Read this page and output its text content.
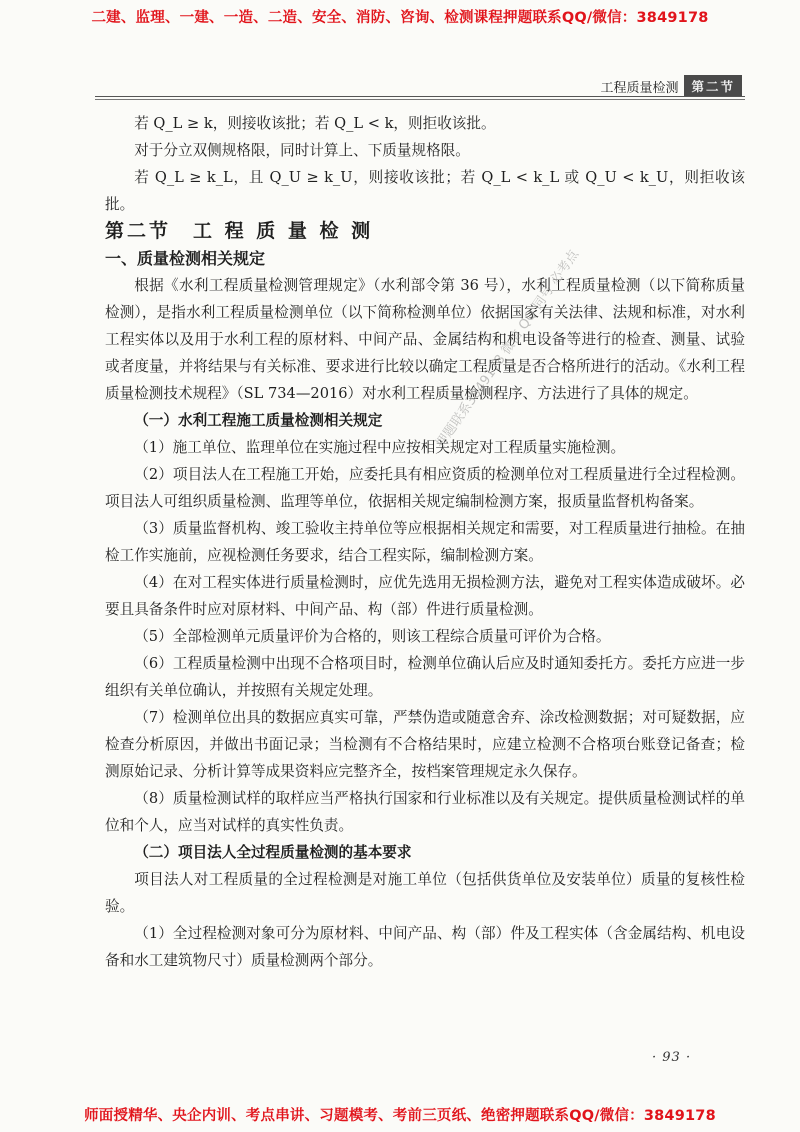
二建、监理、一建、一造、二造、安全、消防、咨询、检测课程押题联系QQ/微信：3849178
工程质量检测	第二节

若 Q_L ≥ k，则接收该批；若 Q_L < k，则拒收该批。

对于分立双侧规格限，同时计算上、下质量规格限。

若 Q_L ≥ k_L，且 Q_U ≥ k_U，则接收该批；若 Q_L < k_L 或 Q_U < k_U，则拒收该批。

第二节　工 程 质 量 检 测

一、质量检测相关规定

根据《水利工程质量检测管理规定》（水利部令第 36 号），水利工程质量检测（以下简称质量检测），是指水利工程质量检测单位（以下简称检测单位）依据国家有关法律、法规和标准，对水利工程实体以及用于水利工程的原材料、中间产品、金属结构和机电设备等进行的检查、测量、试验或者度量，并将结果与有关标准、要求进行比较以确定工程质量是否合格所进行的活动。《水利工程质量检测技术规程》（SL 734—2016）对水利工程质量检测程序、方法进行了具体的规定。

（一）水利工程施工质量检测相关规定

（1）施工单位、监理单位在实施过程中应按相关规定对工程质量实施检测。

（2）项目法人在工程施工开始，应委托具有相应资质的检测单位对工程质量进行全过程检测。项目法人可组织质量检测、监理等单位，依据相关规定编制检测方案，报质量监督机构备案。

（3）质量监督机构、竣工验收主持单位等应根据相关规定和需要，对工程质量进行抽检。在抽检工作实施前，应视检测任务要求，结合工程实际，编制检测方案。

（4）在对工程实体进行质量检测时，应优先选用无损检测方法，避免对工程实体造成破坏。必要且具备条件时应对原材料、中间产品、构（部）件进行质量检测。

（5）全部检测单元质量评价为合格的，则该工程综合质量可评价为合格。

（6）工程质量检测中出现不合格项目时，检测单位确认后应及时通知委托方。委托方应进一步组织有关单位确认，并按照有关规定处理。

（7）检测单位出具的数据应真实可靠，严禁伪造或随意舍弃、涂改检测数据；对可疑数据，应检查分析原因，并做出书面记录；当检测有不合格结果时，应建立检测不合格项台账登记备查；检测原始记录、分析计算等成果资料应完整齐全，按档案管理规定永久保存。

（8）质量检测试样的取样应当严格执行国家和行业标准以及有关规定。提供质量检测试样的单位和个人，应当对试样的真实性负责。

（二）项目法人全过程质量检测的基本要求

项目法人对工程质量的全过程检测是对施工单位（包括供货单位及安装单位）质量的复核性检验。

（1）全过程检测对象可分为原材料、中间产品、构（部）件及工程实体（含金属结构、机电设备和水工建筑物尺寸）质量检测两个部分。

押题联系3849178 微信 QQ 同号 必考点
· 93 ·
师面授精华、央企内训、考点串讲、习题模考、考前三页纸、绝密押题联系QQ/微信：3849178
